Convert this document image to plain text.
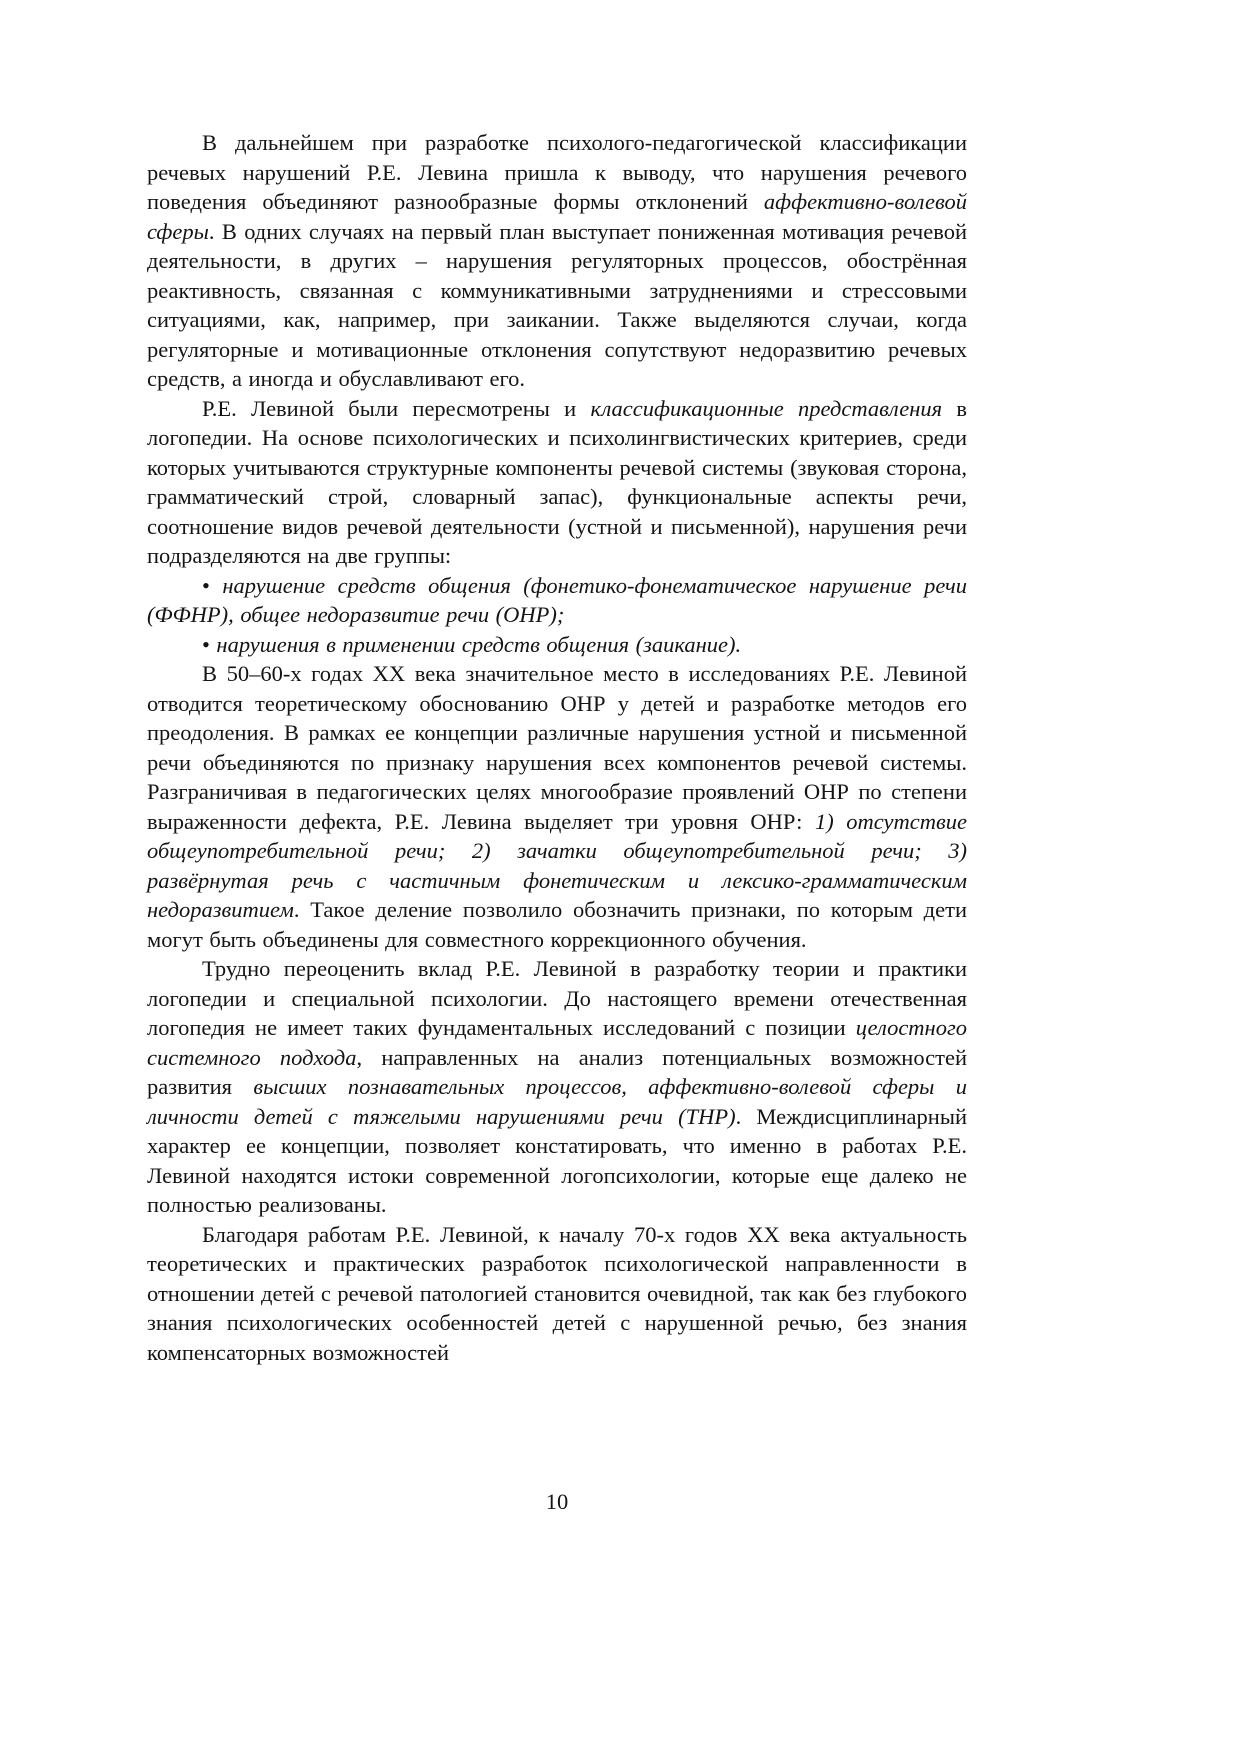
В дальнейшем при разработке психолого-педагогической классификации речевых нарушений Р.Е. Левина пришла к выводу, что нарушения речевого поведения объединяют разнообразные формы отклонений аффективно-волевой сферы. В одних случаях на первый план выступает пониженная мотивация речевой деятельности, в других – нарушения регуляторных процессов, обострённая реактивность, связанная с коммуникативными затруднениями и стрессовыми ситуациями, как, например, при заикании. Также выделяются случаи, когда регуляторные и мотивационные отклонения сопутствуют недоразвитию речевых средств, а иногда и обуславливают его.

Р.Е. Левиной были пересмотрены и классификационные представления в логопедии. На основе психологических и психолингвистических критериев, среди которых учитываются структурные компоненты речевой системы (звуковая сторона, грамматический строй, словарный запас), функциональные аспекты речи, соотношение видов речевой деятельности (устной и письменной), нарушения речи подразделяются на две группы:

• нарушение средств общения (фонетико-фонематическое нарушение речи (ФФНР), общее недоразвитие речи (ОНР);

• нарушения в применении средств общения (заикание).

В 50–60-х годах XX века значительное место в исследованиях Р.Е. Левиной отводится теоретическому обоснованию ОНР у детей и разработке методов его преодоления. В рамках ее концепции различные нарушения устной и письменной речи объединяются по признаку нарушения всех компонентов речевой системы. Разграничивая в педагогических целях многообразие проявлений ОНР по степени выраженности дефекта, Р.Е. Левина выделяет три уровня ОНР: 1) отсутствие общеупотребительной речи; 2) зачатки общеупотребительной речи; 3) развёрнутая речь с частичным фонетическим и лексико-грамматическим недоразвитием. Такое деление позволило обозначить признаки, по которым дети могут быть объединены для совместного коррекционного обучения.

Трудно переоценить вклад Р.Е. Левиной в разработку теории и практики логопедии и специальной психологии. До настоящего времени отечественная логопедия не имеет таких фундаментальных исследований с позиции целостного системного подхода, направленных на анализ потенциальных возможностей развития высших познавательных процессов, аффективно-волевой сферы и личности детей с тяжелыми нарушениями речи (ТНР). Междисциплинарный характер ее концепции, позволяет констатировать, что именно в работах Р.Е. Левиной находятся истоки современной логопсихологии, которые еще далеко не полностью реализованы.

Благодаря работам Р.Е. Левиной, к началу 70-х годов XX века актуальность теоретических и практических разработок психологической направленности в отношении детей с речевой патологией становится очевидной, так как без глубокого знания психологических особенностей детей с нарушенной речью, без знания компенсаторных возможностей

10
